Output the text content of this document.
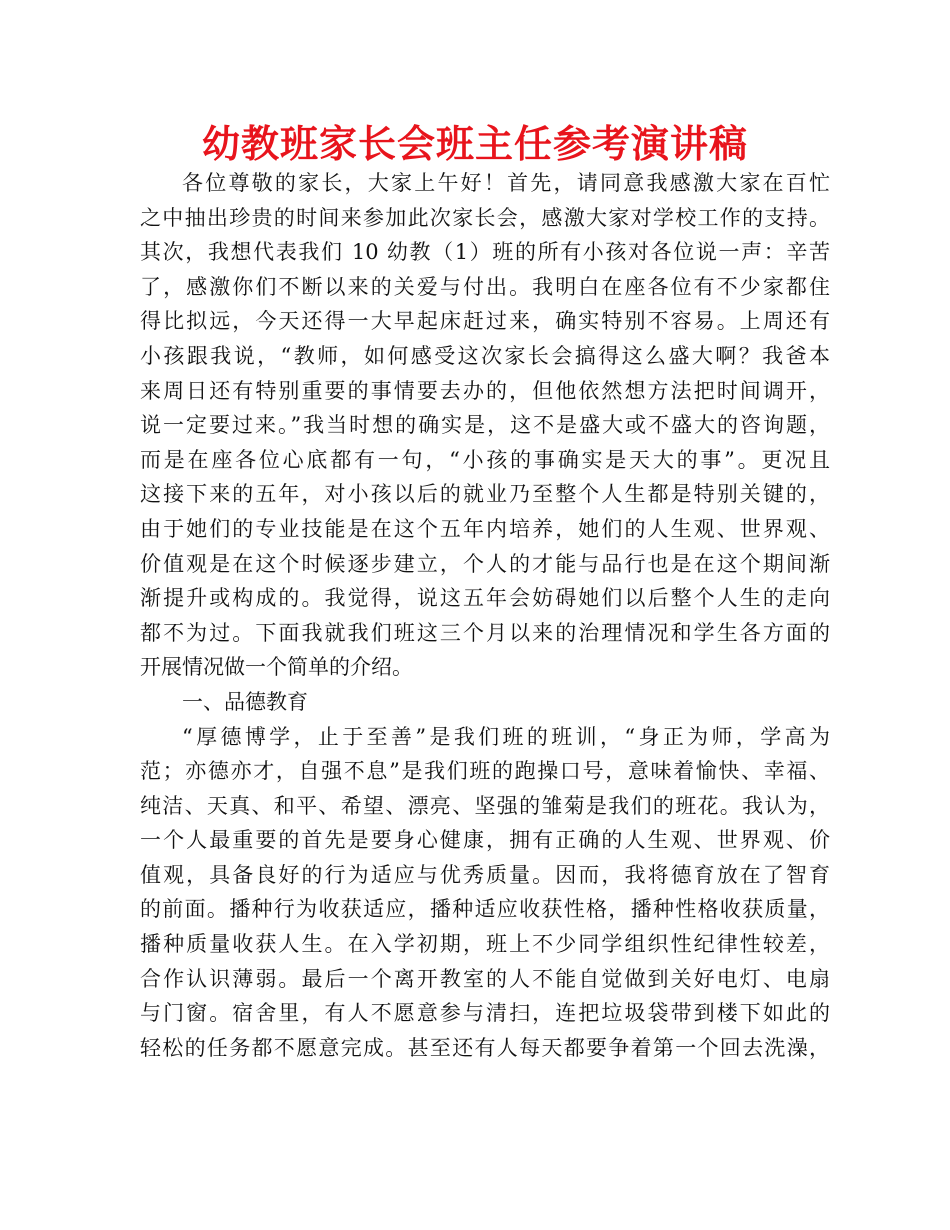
幼教班家长会班主任参考演讲稿
各位尊敬的家长，大家上午好！首先，请同意我感激大家在百忙
之中抽出珍贵的时间来参加此次家长会，感激大家对学校工作的支持。
其次，我想代表我们 10 幼教（1）班的所有小孩对各位说一声：辛苦
了，感激你们不断以来的关爱与付出。我明白在座各位有不少家都住
得比拟远，今天还得一大早起床赶过来，确实特别不容易。上周还有
小孩跟我说，“教师，如何感受这次家长会搞得这么盛大啊？我爸本
来周日还有特别重要的事情要去办的，但他依然想方法把时间调开，
说一定要过来。”我当时想的确实是，这不是盛大或不盛大的咨询题，
而是在座各位心底都有一句，“小孩的事确实是天大的事”。更况且
这接下来的五年，对小孩以后的就业乃至整个人生都是特别关键的，
由于她们的专业技能是在这个五年内培养，她们的人生观、世界观、
价值观是在这个时候逐步建立，个人的才能与品行也是在这个期间渐
渐提升或构成的。我觉得，说这五年会妨碍她们以后整个人生的走向
都不为过。下面我就我们班这三个月以来的治理情况和学生各方面的
开展情况做一个简单的介绍。
一、品德教育
“厚德博学，止于至善”是我们班的班训，“身正为师，学高为
范；亦德亦才，自强不息”是我们班的跑操口号，意味着愉快、幸福、
纯洁、天真、和平、希望、漂亮、坚强的雏菊是我们的班花。我认为，
一个人最重要的首先是要身心健康，拥有正确的人生观、世界观、价
值观，具备良好的行为适应与优秀质量。因而，我将德育放在了智育
的前面。播种行为收获适应，播种适应收获性格，播种性格收获质量，
播种质量收获人生。在入学初期，班上不少同学组织性纪律性较差，
合作认识薄弱。最后一个离开教室的人不能自觉做到关好电灯、电扇
与门窗。宿舍里，有人不愿意参与清扫，连把垃圾袋带到楼下如此的
轻松的任务都不愿意完成。甚至还有人每天都要争着第一个回去洗澡，
